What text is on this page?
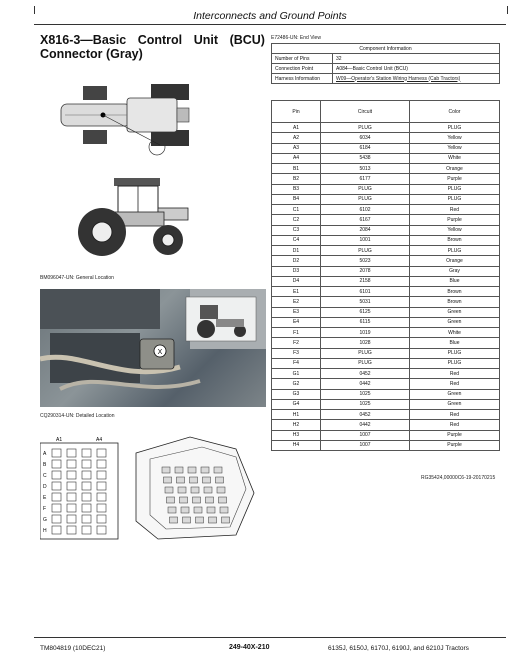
Interconnects and Ground Points
X816-3—Basic Control Unit (BCU)
Connector (Gray)
E72486-UN: End View
Component Information	
Number of Pins	32
Connection Point	A084—Basic Control Unit (BCU)
Harness Information	W09—Operator's Station Wiring Harness (Cab Tractors)
Pin	Circuit	Color
A1	PLUG	PLUG
A2	6034	Yellow
A3	6184	Yellow
A4	5438	White
B1	5013	Orange
B2	6177	Purple
B3	PLUG	PLUG
B4	PLUG	PLUG
C1	6102	Red
C2	6167	Purple
C3	2084	Yellow
C4	1001	Brown
D1	PLUG	PLUG
D2	5023	Orange
D3	2078	Gray
D4	2158	Blue
E1	6101	Brown
E2	5031	Brown
E3	6125	Green
E4	6115	Green
F1	1019	White
F2	1028	Blue
F3	PLUG	PLUG
F4	PLUG	PLUG
G1	0452	Red
G2	0442	Red
G3	1025	Green
G4	1025	Green
H1	0452	Red
H2	0442	Red
H3	1007	Purple
H4	1007	Purple
RG35424,00000C6-19-20170215
BM096047-UN: General Location
X
CQ290314-UN: Detailed Location
A1	A4
A
B
C
D
E
F
G
H
TM804819 (10DEC21)	249-40X-210	6135J, 6150J, 6170J, 6190J, and 6210J Tractors
